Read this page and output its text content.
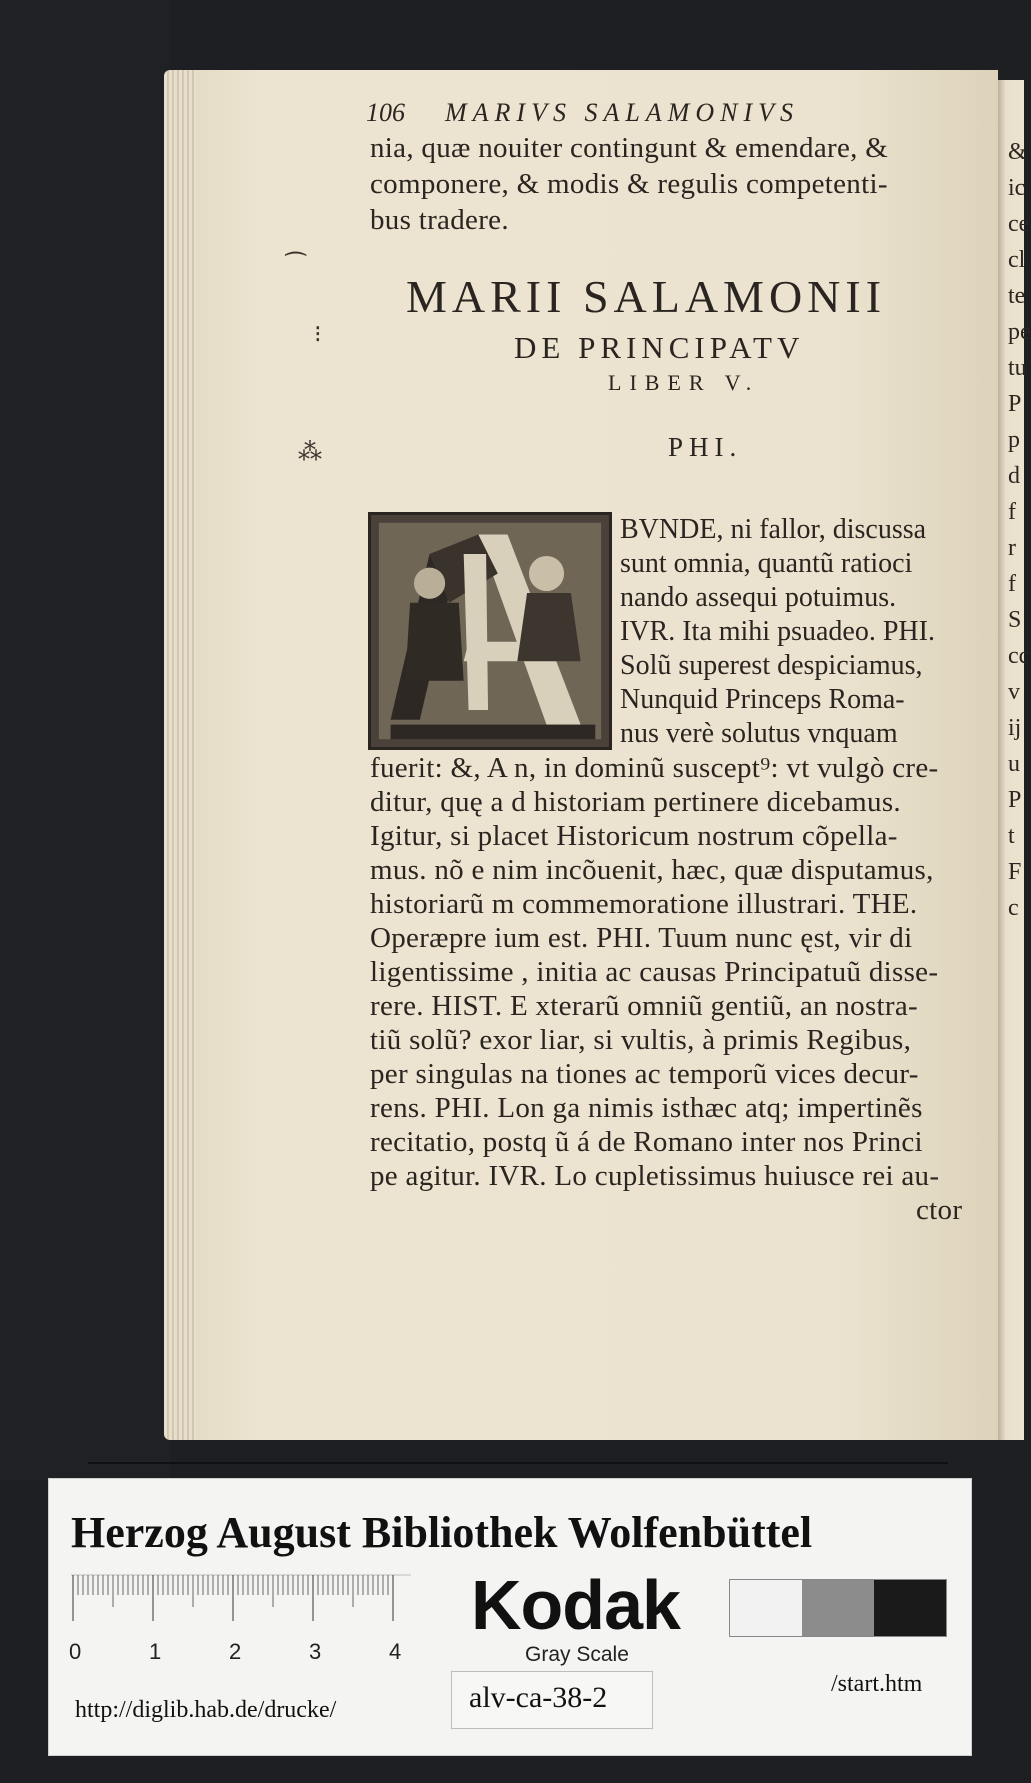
106 MARIVS SALAMONIVS
nia, quæ nouiter contingunt & emendare, &
componere, & modis & regulis competenti-
bus tradere.
MARII SALAMONII
DE PRINCIPATV
LIBER V.
PHI.
⁀
⁝
⁂
BVNDE, ni fallor, discussa
sunt omnia, quantũ ratioci
nando assequi potuimus.
IVR. Ita mihi psuadeo. PHI.
Solũ superest despiciamus,
Nunquid Princeps Roma-
nus verè solutus vnquam
fuerit: &, A n, in dominũ suscept⁹: vt vulgò cre-
ditur, quę a d historiam pertinere dicebamus.
Igitur, si placet Historicum nostrum cõpella-
mus. nõ e nim incõuenit, hæc, quæ disputamus,
historiarũ m commemoratione illustrari. THE.
Operæpre ium est. PHI. Tuum nunc ęst, vir di
ligentissime , initia ac causas Principatuũ disse-
rere. HIST. E xterarũ omniũ gentiũ, an nostra-
tiũ solũ? exor liar, si vultis, à primis Regibus,
per singulas na tiones ac temporũ vices decur-
rens. PHI. Lon ga nimis isthæc atq; impertinẽs
recitatio, postq ũ á de Romano inter nos Princi
pe agitur. IVR. Lo cupletissimus huiusce rei au-
ctor
&
ic
ce
cl
te
pe
tu
P
p
d
f
r
f
S
cc
v
ij
u
P
t
F
c
Herzog August Bibliothek Wolfenbüttel
0	1	2	3	4
Kodak
Gray Scale
http://diglib.hab.de/drucke/	alv-ca-38-2	/start.htm
